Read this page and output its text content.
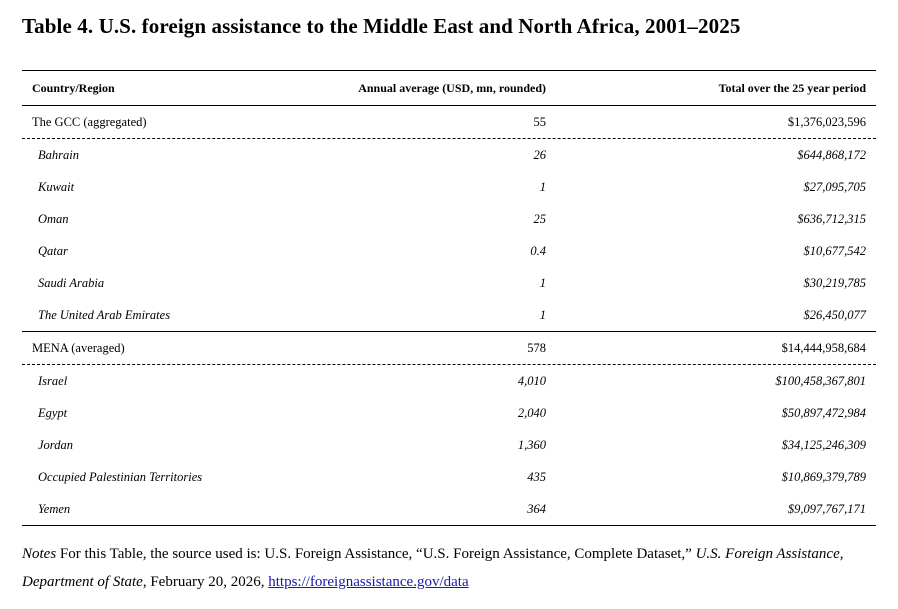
Table 4. U.S. foreign assistance to the Middle East and North Africa, 2001–2025
Country/Region	Annual average (USD, mn, rounded)	Total over the 25 year period
The GCC (aggregated)	55	$1,376,023,596
Bahrain	26	$644,868,172
Kuwait	1	$27,095,705
Oman	25	$636,712,315
Qatar	0.4	$10,677,542
Saudi Arabia	1	$30,219,785
The United Arab Emirates	1	$26,450,077
MENA (averaged)	578	$14,444,958,684
Israel	4,010	$100,458,367,801
Egypt	2,040	$50,897,472,984
Jordan	1,360	$34,125,246,309
Occupied Palestinian Territories	435	$10,869,379,789
Yemen	364	$9,097,767,171
Notes For this Table, the source used is: U.S. Foreign Assistance, “U.S. Foreign Assistance, Complete Dataset,” U.S. Foreign Assistance, Department of State, February 20, 2026, https://foreignassistance.gov/data
